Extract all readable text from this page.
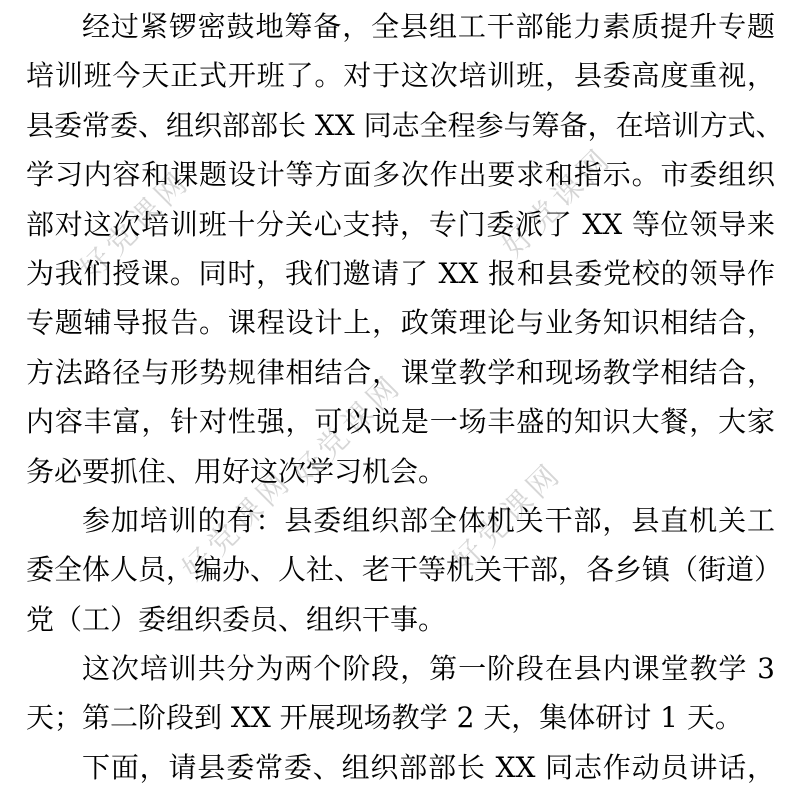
好党课网	好党课网
好党课网
好党课网	好党课网
经过紧锣密鼓地筹备，全县组工干部能力素质提升专题
培训班今天正式开班了。对于这次培训班，县委高度重视，
县委常委、组织部部长 XX 同志全程参与筹备，在培训方式、
学习内容和课题设计等方面多次作出要求和指示。市委组织
部对这次培训班十分关心支持，专门委派了 XX 等位领导来
为我们授课。同时，我们邀请了 XX 报和县委党校的领导作
专题辅导报告。课程设计上，政策理论与业务知识相结合，
方法路径与形势规律相结合，课堂教学和现场教学相结合，
内容丰富，针对性强，可以说是一场丰盛的知识大餐，大家
务必要抓住、用好这次学习机会。
参加培训的有：县委组织部全体机关干部，县直机关工
委全体人员，编办、人社、老干等机关干部，各乡镇（街道）
党（工）委组织委员、组织干事。
这次培训共分为两个阶段，第一阶段在县内课堂教学 3
天；第二阶段到 XX 开展现场教学 2 天，集体研讨 1 天。
下面，请县委常委、组织部部长 XX 同志作动员讲话，
